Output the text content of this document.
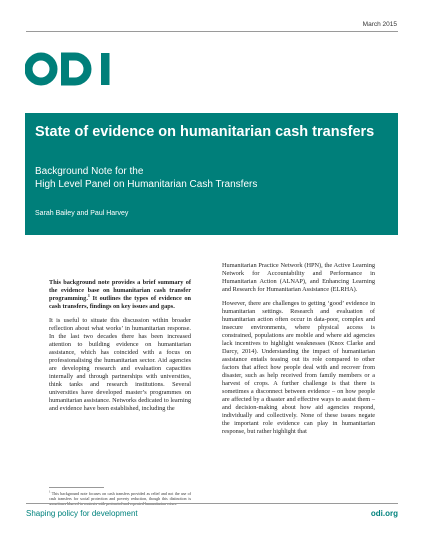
March 2015
State of evidence on humanitarian cash transfers
Background Note for the
High Level Panel on Humanitarian Cash Transfers
Sarah Bailey and Paul Harvey

This background note provides a brief summary of the evidence base on humanitarian cash transfer programming.$^1$ It outlines the types of evidence on cash transfers, findings on key issues and gaps.

It is useful to situate this discussion within broader reflection about what works’ in humanitarian response. In the last two decades there has been increased attention to building evidence on humanitarian assistance, which has coincided with a focus on professionalising the humanitarian sector. Aid agencies are developing research and evaluation capacities internally and through partnerships with universities, think tanks and research institutions. Several universities have developed master’s programmes on humanitarian assistance. Networks dedicated to learning and evidence have been established, including the

Humanitarian Practice Network (HPN), the Active Learning Network for Accountability and Performance in Humanitarian Action (ALNAP), and Enhancing Learning and Research for Humanitarian Assistance (ELRHA).

However, there are challenges to getting ‘good’ evidence in humanitarian settings. Research and evaluation of humanitarian action often occur in data-poor, complex and insecure environments, where physical access is constrained, populations are mobile and where aid agencies lack incentives to highlight weaknesses (Knox Clarke and Darcy, 2014). Understanding the impact of humanitarian assistance entails teasing out its role compared to other factors that affect how people deal with and recover from disaster, such as help received from family members or a harvest of crops. A further challenge is that there is sometimes a disconnect between evidence – on how people are affected by a disaster and effective ways to assist them – and decision-making about how aid agencies respond, individually and collectively. None of these issues negate the important role evidence can play in humanitarian response, but rather highlight that

$^1$ This background note focuses on cash transfers provided as relief and not the use of cash transfers for social protection and poverty reduction, though this distinction is sometimes blurred in contexts with protracted and repeated humanitarian crises.
Shaping policy for development	odi.org
